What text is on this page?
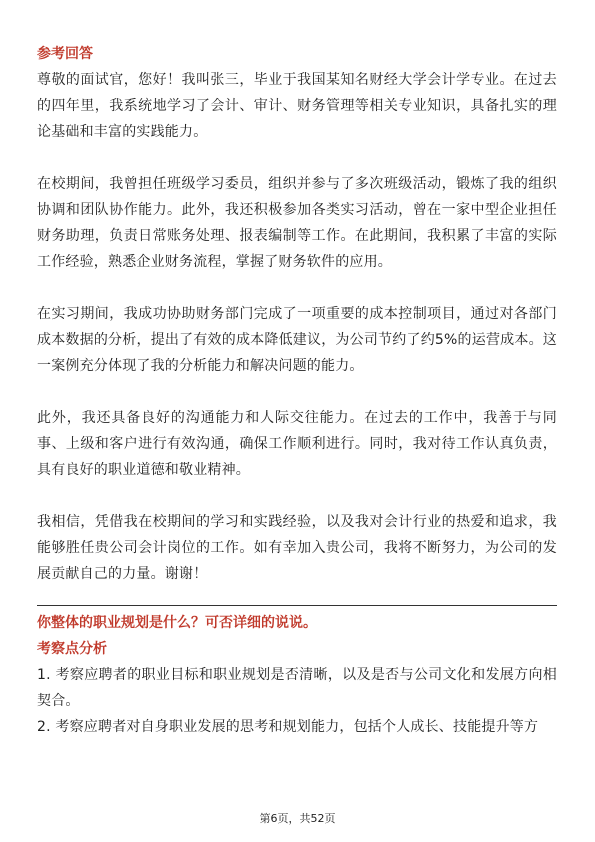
参考回答

尊敬的面试官，您好！我叫张三，毕业于我国某知名财经大学会计学专业。在过去的四年里，我系统地学习了会计、审计、财务管理等相关专业知识，具备扎实的理论基础和丰富的实践能力。

在校期间，我曾担任班级学习委员，组织并参与了多次班级活动，锻炼了我的组织协调和团队协作能力。此外，我还积极参加各类实习活动，曾在一家中型企业担任财务助理，负责日常账务处理、报表编制等工作。在此期间，我积累了丰富的实际工作经验，熟悉企业财务流程，掌握了财务软件的应用。

在实习期间，我成功协助财务部门完成了一项重要的成本控制项目，通过对各部门成本数据的分析，提出了有效的成本降低建议，为公司节约了约5%的运营成本。这一案例充分体现了我的分析能力和解决问题的能力。

此外，我还具备良好的沟通能力和人际交往能力。在过去的工作中，我善于与同事、上级和客户进行有效沟通，确保工作顺利进行。同时，我对待工作认真负责，具有良好的职业道德和敬业精神。

我相信，凭借我在校期间的学习和实践经验，以及我对会计行业的热爱和追求，我能够胜任贵公司会计岗位的工作。如有幸加入贵公司，我将不断努力，为公司的发展贡献自己的力量。谢谢！

你整体的职业规划是什么？可否详细的说说。

考察点分析

1. 考察应聘者的职业目标和职业规划是否清晰，以及是否与公司文化和发展方向相契合。

2. 考察应聘者对自身职业发展的思考和规划能力，包括个人成长、技能提升等方

第6页，共52页
